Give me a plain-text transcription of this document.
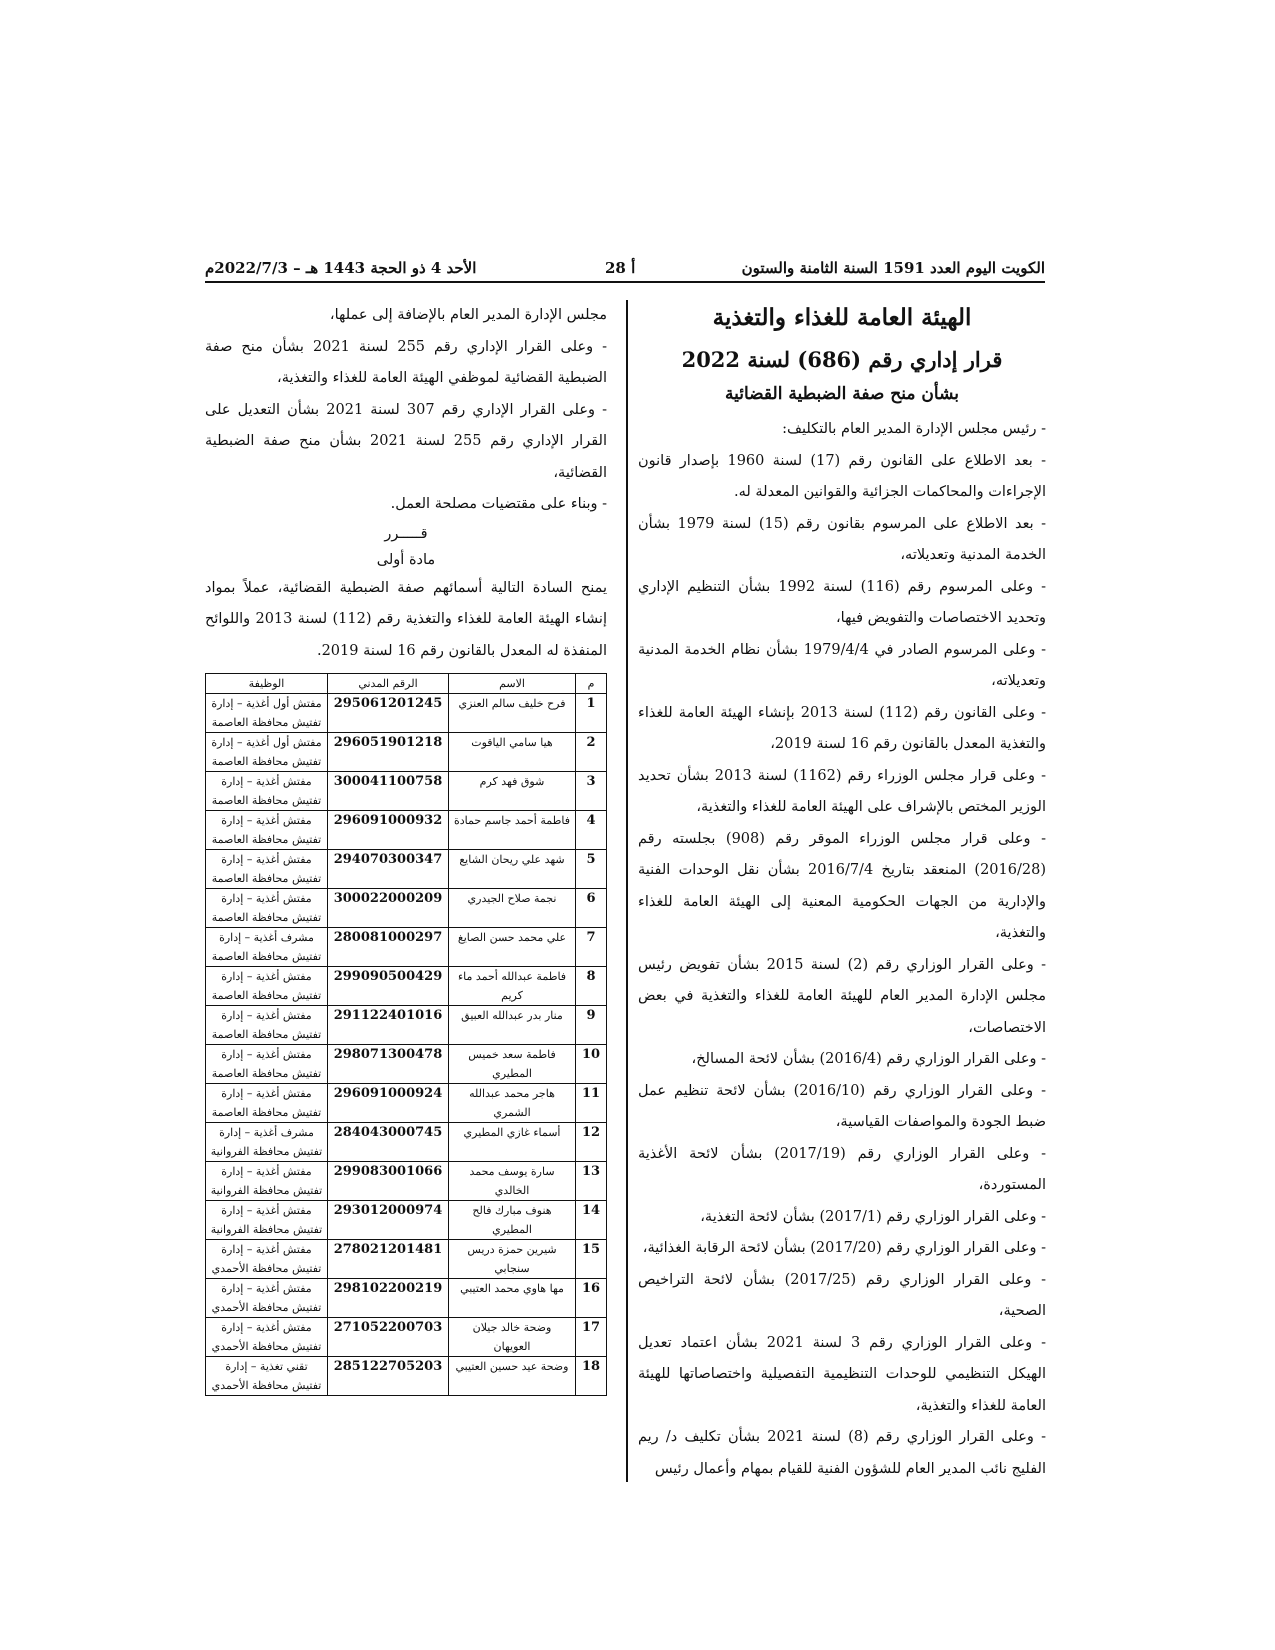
الكويت اليوم العدد 1591 السنة الثامنة والستون
أ 28
الأحد 4 ذو الحجة 1443 هـ – 2022/7/3م
الهيئة العامة للغذاء والتغذية
قرار إداري رقم (686) لسنة 2022
بشأن منح صفة الضبطية القضائية

- رئيس مجلس الإدارة المدير العام بالتكليف:

- بعد الاطلاع على القانون رقم (17) لسنة 1960 بإصدار قانون الإجراءات والمحاكمات الجزائية والقوانين المعدلة له.

- بعد الاطلاع على المرسوم بقانون رقم (15) لسنة 1979 بشأن الخدمة المدنية وتعديلاته،

- وعلى المرسوم رقم (116) لسنة 1992 بشأن التنظيم الإداري وتحديد الاختصاصات والتفويض فيها،

- وعلى المرسوم الصادر في 1979/4/4 بشأن نظام الخدمة المدنية وتعديلاته،

- وعلى القانون رقم (112) لسنة 2013 بإنشاء الهيئة العامة للغذاء والتغذية المعدل بالقانون رقم 16 لسنة 2019،

- وعلى قرار مجلس الوزراء رقم (1162) لسنة 2013 بشأن تحديد الوزير المختص بالإشراف على الهيئة العامة للغذاء والتغذية،

- وعلى قرار مجلس الوزراء الموقر رقم (908) بجلسته رقم (2016/28) المنعقد بتاريخ 2016/7/4 بشأن نقل الوحدات الفنية والإدارية من الجهات الحكومية المعنية إلى الهيئة العامة للغذاء والتغذية،

- وعلى القرار الوزاري رقم (2) لسنة 2015 بشأن تفويض رئيس مجلس الإدارة المدير العام للهيئة العامة للغذاء والتغذية في بعض الاختصاصات،

- وعلى القرار الوزاري رقم (2016/4) بشأن لائحة المسالخ،

- وعلى القرار الوزاري رقم (2016/10) بشأن لائحة تنظيم عمل ضبط الجودة والمواصفات القياسية،

- وعلى القرار الوزاري رقم (2017/19) بشأن لائحة الأغذية المستوردة،

- وعلى القرار الوزاري رقم (2017/1) بشأن لائحة التغذية،

- وعلى القرار الوزاري رقم (2017/20) بشأن لائحة الرقابة الغذائية،

- وعلى القرار الوزاري رقم (2017/25) بشأن لائحة التراخيص الصحية،

- وعلى القرار الوزاري رقم 3 لسنة 2021 بشأن اعتماد تعديل الهيكل التنظيمي للوحدات التنظيمية التفصيلية واختصاصاتها للهيئة العامة للغذاء والتغذية،

- وعلى القرار الوزاري رقم (8) لسنة 2021 بشأن تكليف د/ ريم الفليج نائب المدير العام للشؤون الفنية للقيام بمهام وأعمال رئيس

مجلس الإدارة المدير العام بالإضافة إلى عملها،

- وعلى القرار الإداري رقم 255 لسنة 2021 بشأن منح صفة الضبطية القضائية لموظفي الهيئة العامة للغذاء والتغذية،

- وعلى القرار الإداري رقم 307 لسنة 2021 بشأن التعديل على القرار الإداري رقم 255 لسنة 2021 بشأن منح صفة الضبطية القضائية،

- وبناء على مقتضيات مصلحة العمل.

قـــــرر

مادة أولى

يمنح السادة التالية أسمائهم صفة الضبطية القضائية، عملاً بمواد إنشاء الهيئة العامة للغذاء والتغذية رقم (112) لسنة 2013 واللوائح المنفذة له المعدل بالقانون رقم 16 لسنة 2019.

م	الاسم	الرقم المدني	الوظيفة
1	فرح خليف سالم العنزي	295061201245	مفتش أول أغذية – إدارة تفتيش محافظة العاصمة
2	هيا سامي الياقوت	296051901218	مفتش أول أغذية – إدارة تفتيش محافظة العاصمة
3	شوق فهد كرم	300041100758	مفتش أغذية – إدارة تفتيش محافظة العاصمة
4	فاطمة أحمد جاسم حمادة	296091000932	مفتش أغذية – إدارة تفتيش محافظة العاصمة
5	شهد علي ريحان الشايع	294070300347	مفتش أغذية – إدارة تفتيش محافظة العاصمة
6	نجمة صلاح الجيدري	300022000209	مفتش أغذية – إدارة تفتيش محافظة العاصمة
7	علي محمد حسن الصايغ	280081000297	مشرف أغذية – إدارة تفتيش محافظة العاصمة
8	فاطمة عبدالله أحمد ماء كريم	299090500429	مفتش أغذية – إدارة تفتيش محافظة العاصمة
9	منار بدر عبدالله العبيق	291122401016	مفتش أغذية – إدارة تفتيش محافظة العاصمة
10	فاطمة سعد خميس المطيري	298071300478	مفتش أغذية – إدارة تفتيش محافظة العاصمة
11	هاجر محمد عبدالله الشمري	296091000924	مفتش أغذية – إدارة تفتيش محافظة العاصمة
12	أسماء غازي المطيري	284043000745	مشرف أغذية – إدارة تفتيش محافظة الفروانية
13	سارة يوسف محمد الخالدي	299083001066	مفتش أغذية – إدارة تفتيش محافظة الفروانية
14	هنوف مبارك فالح المطيري	293012000974	مفتش أغذية – إدارة تفتيش محافظة الفروانية
15	شيرين حمزة دريس سنجابي	278021201481	مفتش أغذية – إدارة تفتيش محافظة الأحمدي
16	مها هاوي محمد العتيبي	298102200219	مفتش أغذية – إدارة تفتيش محافظة الأحمدي
17	وضحة خالد جيلان العويهان	271052200703	مفتش أغذية – إدارة تفتيش محافظة الأحمدي
18	وضحة عيد حسين العتيبي	285122705203	تقني تغذية – إدارة تفتيش محافظة الأحمدي
